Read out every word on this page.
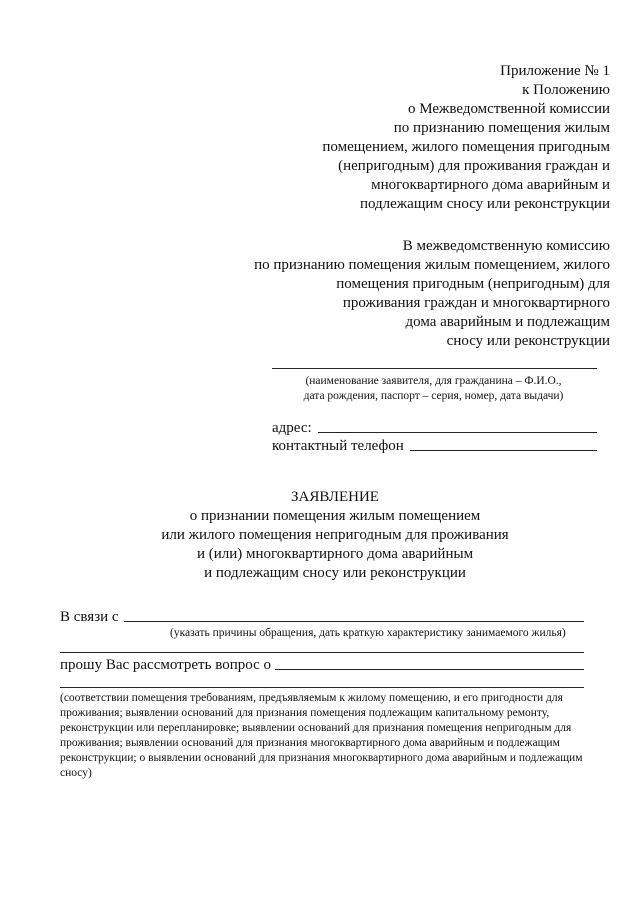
Приложение № 1
к Положению
о Межведомственной комиссии
по признанию помещения жилым
помещением, жилого помещения пригодным
(непригодным) для проживания граждан и
многоквартирного дома аварийным и
подлежащим сносу или реконструкции
В межведомственную комиссию
по признанию помещения жилым помещением, жилого
помещения пригодным (непригодным) для
проживания граждан и многоквартирного
дома аварийным и подлежащим
сносу или реконструкции
(наименование заявителя, для гражданина – Ф.И.О.,
дата рождения, паспорт – серия, номер, дата выдачи)
адрес:
контактный телефон
ЗАЯВЛЕНИЕ
о признании помещения жилым помещением
или жилого помещения непригодным для проживания
и (или) многоквартирного дома аварийным
и подлежащим сносу или реконструкции
В связи с
(указать причины обращения, дать краткую характеристику занимаемого жилья)
прошу Вас рассмотреть вопрос о
(соответствии помещения требованиям, предъявляемым к жилому помещению, и его пригодности для
проживания; выявлении оснований для признания помещения подлежащим капитальному ремонту,
реконструкции или перепланировке; выявлении оснований для признания помещения непригодным для
проживания; выявлении оснований для признания многоквартирного дома аварийным и подлежащим
реконструкции; о выявлении оснований для признания многоквартирного дома аварийным и подлежащим
сносу)
